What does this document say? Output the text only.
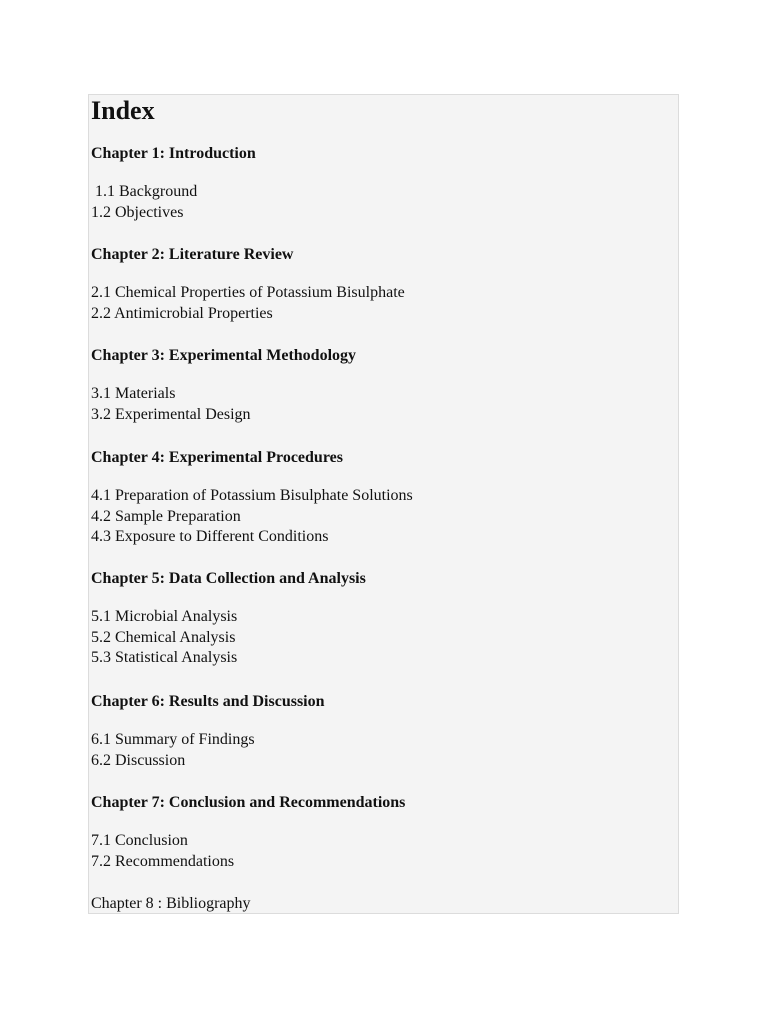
Index

Chapter 1: Introduction

1.1 Background
1.2 Objectives

Chapter 2: Literature Review

2.1 Chemical Properties of Potassium Bisulphate
2.2 Antimicrobial Properties

Chapter 3: Experimental Methodology

3.1 Materials
3.2 Experimental Design

Chapter 4: Experimental Procedures

4.1 Preparation of Potassium Bisulphate Solutions
4.2 Sample Preparation
4.3 Exposure to Different Conditions

Chapter 5: Data Collection and Analysis

5.1 Microbial Analysis
5.2 Chemical Analysis
5.3 Statistical Analysis

Chapter 6: Results and Discussion

6.1 Summary of Findings
6.2 Discussion

Chapter 7: Conclusion and Recommendations

7.1 Conclusion
7.2 Recommendations

Chapter 8 : Bibliography
